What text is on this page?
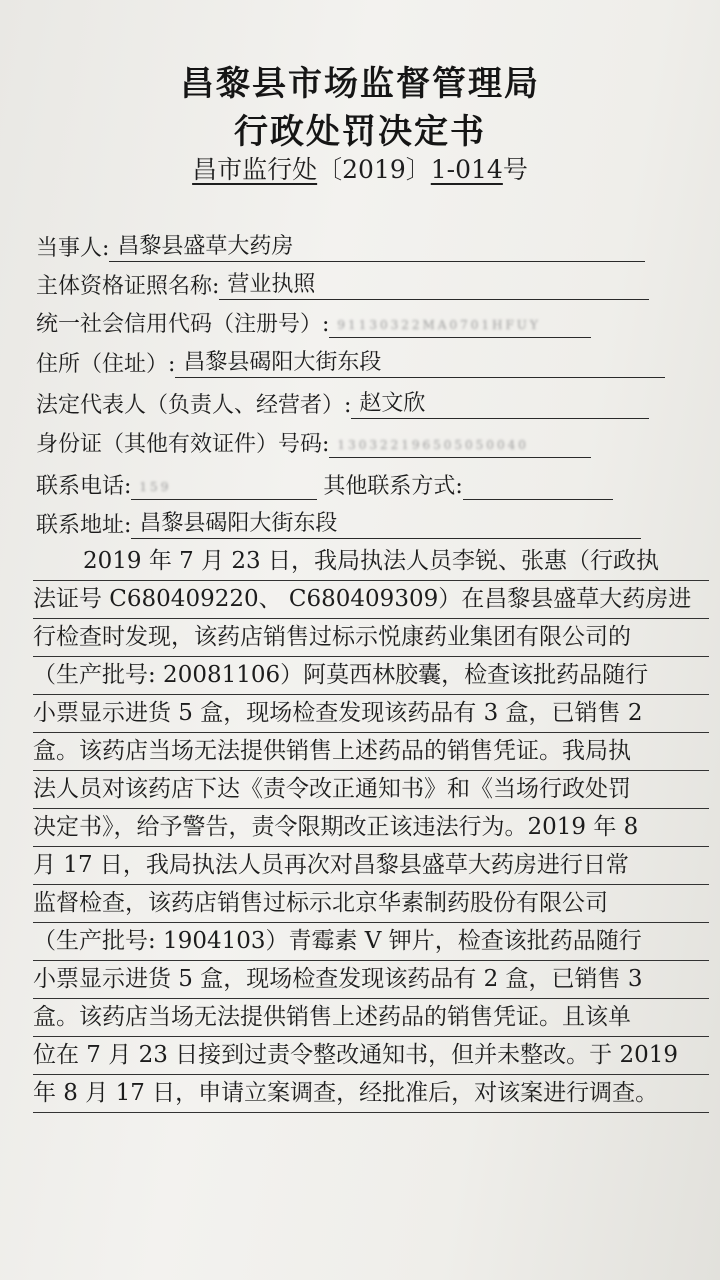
昌黎县市场监督管理局
行政处罚决定书
昌市监行处〔2019〕1-014号
当事人: 昌黎县盛草大药房
主体资格证照名称: 营业执照
统一社会信用代码（注册号）: 91130322MA0701HFUY
住所（住址）: 昌黎县碣阳大街东段
法定代表人（负责人、经营者）: 赵文欣
身份证（其他有效证件）号码: 130322196505050040
联系电话: 159	其他联系方式:
联系地址: 昌黎县碣阳大街东段
2019 年 7 月 23 日，我局执法人员李锐、张惠（行政执
法证号 C680409220、 C680409309）在昌黎县盛草大药房进
行检查时发现，该药店销售过标示悦康药业集团有限公司的
（生产批号: 20081106）阿莫西林胶囊，检查该批药品随行
小票显示进货 5 盒，现场检查发现该药品有 3 盒，已销售 2
盒。该药店当场无法提供销售上述药品的销售凭证。我局执
法人员对该药店下达《责令改正通知书》和《当场行政处罚
决定书》，给予警告，责令限期改正该违法行为。2019 年 8
月 17 日，我局执法人员再次对昌黎县盛草大药房进行日常
监督检查，该药店销售过标示北京华素制药股份有限公司
（生产批号: 1904103）青霉素 V 钾片，检查该批药品随行
小票显示进货 5 盒，现场检查发现该药品有 2 盒，已销售 3
盒。该药店当场无法提供销售上述药品的销售凭证。且该单
位在 7 月 23 日接到过责令整改通知书，但并未整改。于 2019
年 8 月 17 日，申请立案调查，经批准后，对该案进行调查。
